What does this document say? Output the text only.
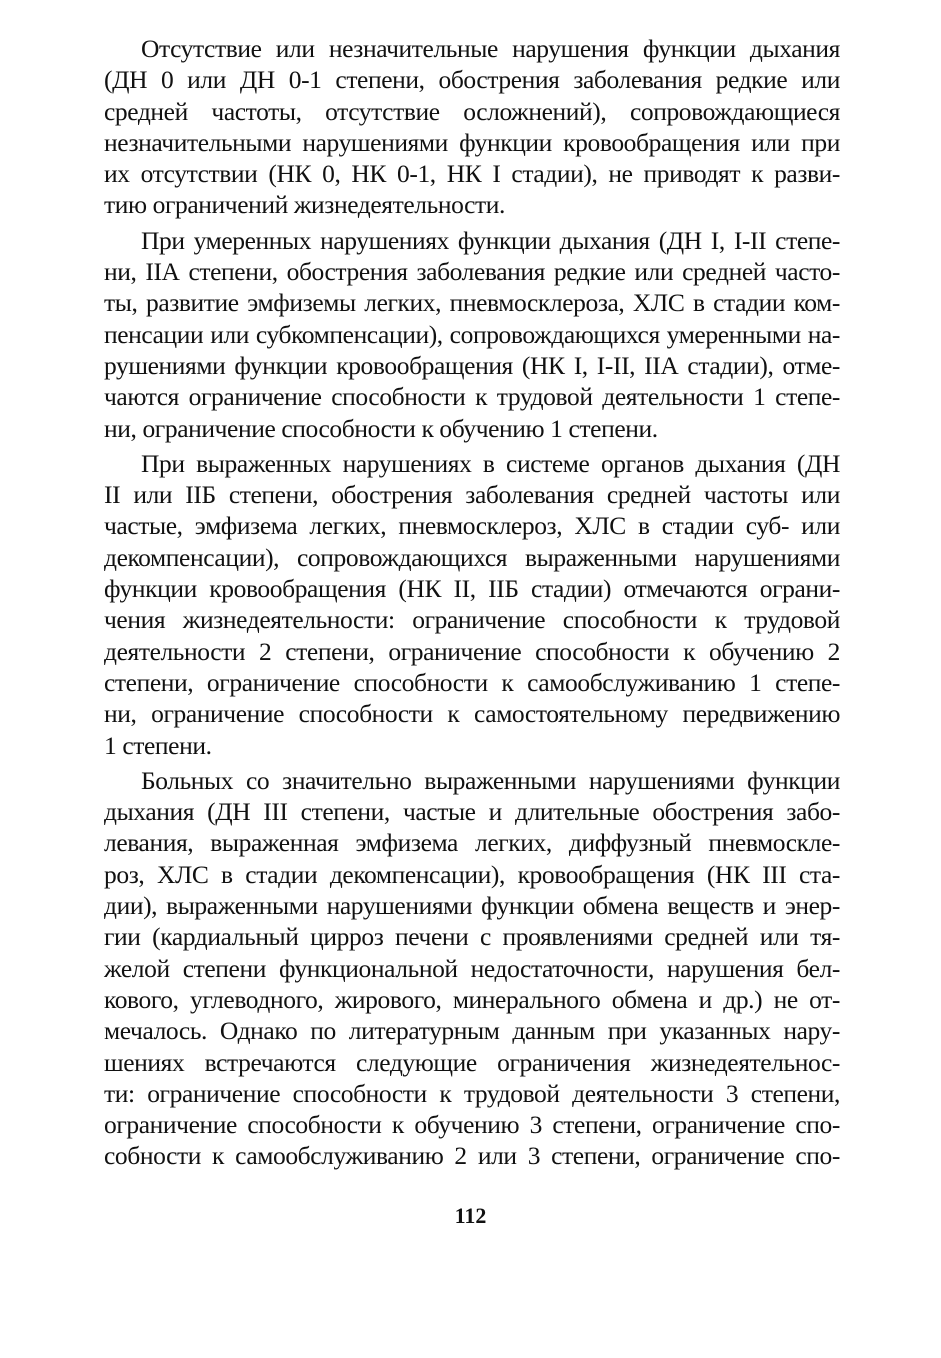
Отсутствие или незначительные нарушения функции дыхания
(ДН 0 или ДН 0-1 степени, обострения заболевания редкие или
средней частоты, отсутствие осложнений), сопровождающиеся
незначительными нарушениями функции кровообращения или при
их отсутствии (НК 0, НК 0-1, НК I стадии), не приводят к разви-
тию ограничений жизнедеятельности.
При умеренных нарушениях функции дыхания (ДН I, I-II степе-
ни, IIА степени, обострения заболевания редкие или средней часто-
ты, развитие эмфиземы легких, пневмосклероза, ХЛС в стадии ком-
пенсации или субкомпенсации), сопровождающихся умеренными на-
рушениями функции кровообращения (НК I, I-II, IIА стадии), отме-
чаются ограничение способности к трудовой деятельности 1 степе-
ни, ограничение способности к обучению 1 степени.
При выраженных нарушениях в системе органов дыхания (ДН
II или IIБ степени, обострения заболевания средней частоты или
частые, эмфизема легких, пневмосклероз, ХЛС в стадии суб- или
декомпенсации), сопровождающихся выраженными нарушениями
функции кровообращения (НК II, IIБ стадии) отмечаются ограни-
чения жизнедеятельности: ограничение способности к трудовой
деятельности 2 степени, ограничение способности к обучению 2
степени, ограничение способности к самообслуживанию 1 степе-
ни, ограничение способности к самостоятельному передвижению
1 степени.
Больных со значительно выраженными нарушениями функции
дыхания (ДН III степени, частые и длительные обострения забо-
левания, выраженная эмфизема легких, диффузный пневмоскле-
роз, ХЛС в стадии декомпенсации), кровообращения (НК III ста-
дии), выраженными нарушениями функции обмена веществ и энер-
гии (кардиальный цирроз печени с проявлениями средней или тя-
желой степени функциональной недостаточности, нарушения бел-
кового, углеводного, жирового, минерального обмена и др.) не от-
мечалось. Однако по литературным данным при указанных нару-
шениях встречаются следующие ограничения жизнедеятельнос-
ти: ограничение способности к трудовой деятельности 3 степени,
ограничение способности к обучению 3 степени, ограничение спо-
собности к самообслуживанию 2 или 3 степени, ограничение спо-
112
